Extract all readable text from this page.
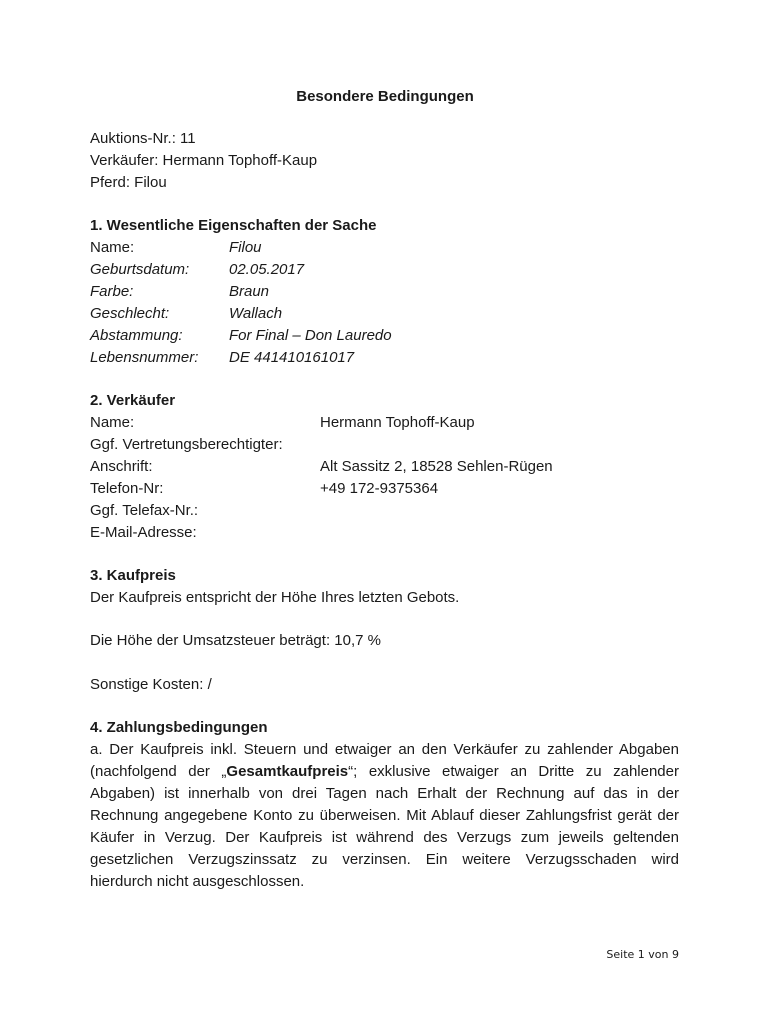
Besondere Bedingungen
Auktions-Nr.: 11
Verkäufer: Hermann Tophoff-Kaup
Pferd: Filou
1. Wesentliche Eigenschaften der Sache
Name:	Filou
Geburtsdatum:	02.05.2017
Farbe:	Braun
Geschlecht:	Wallach
Abstammung:	For Final – Don Lauredo
Lebensnummer: DE 441410161017
2. Verkäufer
Name:	Hermann Tophoff-Kaup
Ggf. Vertretungsberechtigter:
Anschrift:	Alt Sassitz 2, 18528 Sehlen-Rügen
Telefon-Nr:	+49 172-9375364
Ggf. Telefax-Nr.:
E-Mail-Adresse:
3. Kaufpreis
Der Kaufpreis entspricht der Höhe Ihres letzten Gebots.
Die Höhe der Umsatzsteuer beträgt: 10,7 %
Sonstige Kosten: /
4. Zahlungsbedingungen
a. Der Kaufpreis inkl. Steuern und etwaiger an den Verkäufer zu zahlender Abgaben
(nachfolgend der „Gesamtkaufpreis“; exklusive etwaiger an Dritte zu zahlender
Abgaben) ist innerhalb von drei Tagen nach Erhalt der Rechnung auf das in der
Rechnung angegebene Konto zu überweisen. Mit Ablauf dieser Zahlungsfrist gerät der
Käufer in Verzug. Der Kaufpreis ist während des Verzugs zum jeweils geltenden
gesetzlichen Verzugszinssatz zu verzinsen. Ein weitere Verzugsschaden wird
hierdurch nicht ausgeschlossen.
Seite 1 von 9
